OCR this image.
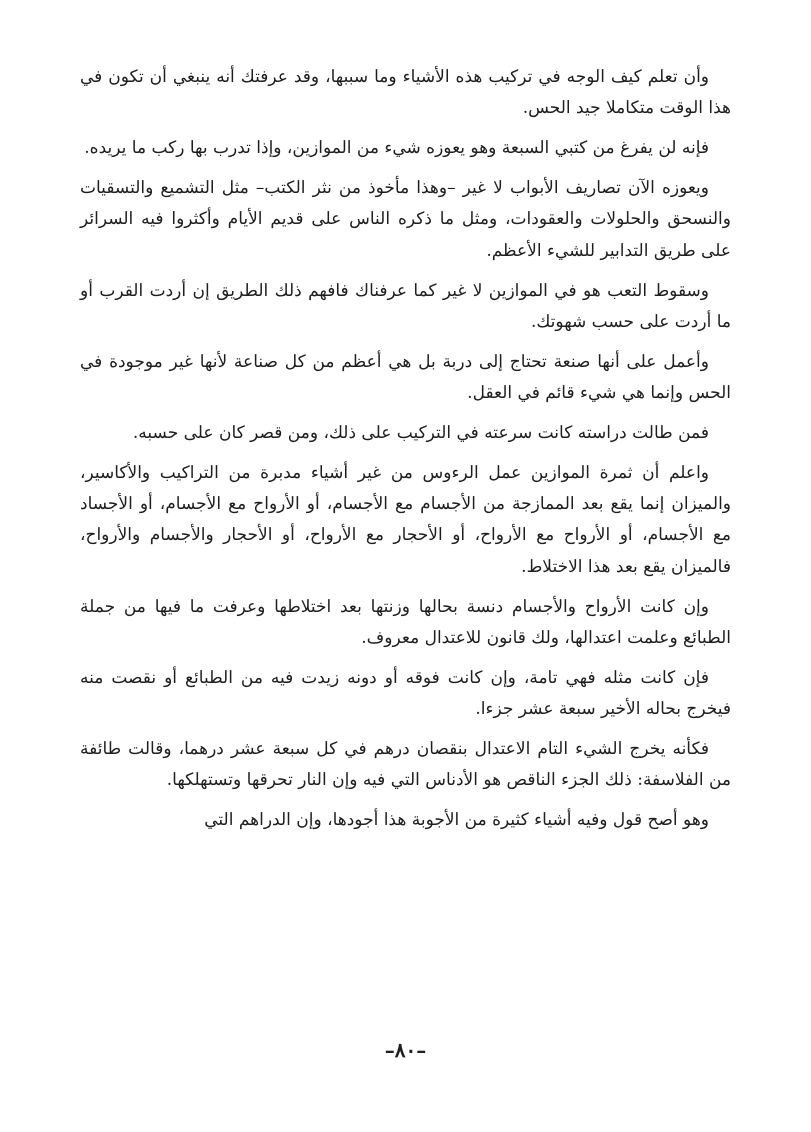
وأن تعلم كيف الوجه في تركيب هذه الأشياء وما سببها، وقد عرفتك أنه ينبغي أن تكون في هذا الوقت متكاملا جيد الحس.

فإنه لن يفرغ من كتبي السبعة وهو يعوزه شيء من الموازين، وإذا تدرب بها ركب ما يريده.

ويعوزه الآن تصاريف الأبواب لا غير –وهذا مأخوذ من نثر الكتب– مثل التشميع والتسقيات والنسحق والحلولات والعقودات، ومثل ما ذكره الناس على قديم الأيام وأكثروا فيه السرائر على طريق التدابير للشيء الأعظم.

وسقوط التعب هو في الموازين لا غير كما عرفناك فافهم ذلك الطريق إن أردت القرب أو ما أردت على حسب شهوتك.

وأعمل على أنها صنعة تحتاج إلى دربة بل هي أعظم من كل صناعة لأنها غير موجودة في الحس وإنما هي شيء قائم في العقل.

فمن طالت دراسته كانت سرعته في التركيب على ذلك، ومن قصر كان على حسبه.

واعلم أن ثمرة الموازين عمل الرءوس من غير أشياء مدبرة من التراكيب والأكاسير، والميزان إنما يقع بعد الممازجة من الأجسام مع الأجسام، أو الأرواح مع الأجسام، أو الأجساد مع الأجسام، أو الأرواح مع الأرواح، أو الأحجار مع الأرواح، أو الأحجار والأجسام والأرواح، فالميزان يقع بعد هذا الاختلاط.

وإن كانت الأرواح والأجسام دنسة بحالها وزنتها بعد اختلاطها وعرفت ما فيها من جملة الطبائع وعلمت اعتدالها، ولك قانون للاعتدال معروف.

فإن كانت مثله فهي تامة، وإن كانت فوقه أو دونه زيدت فيه من الطبائع أو نقصت منه فيخرج بحاله الأخير سبعة عشر جزءا.

فكأنه يخرج الشيء التام الاعتدال بنقصان درهم في كل سبعة عشر درهما، وقالت طائفة من الفلاسفة: ذلك الجزء الناقص هو الأدناس التي فيه وإن النار تحرقها وتستهلكها.

وهو أصح قول وفيه أشياء كثيرة من الأجوبة هذا أجودها، وإن الدراهم التي

–٨٠–
